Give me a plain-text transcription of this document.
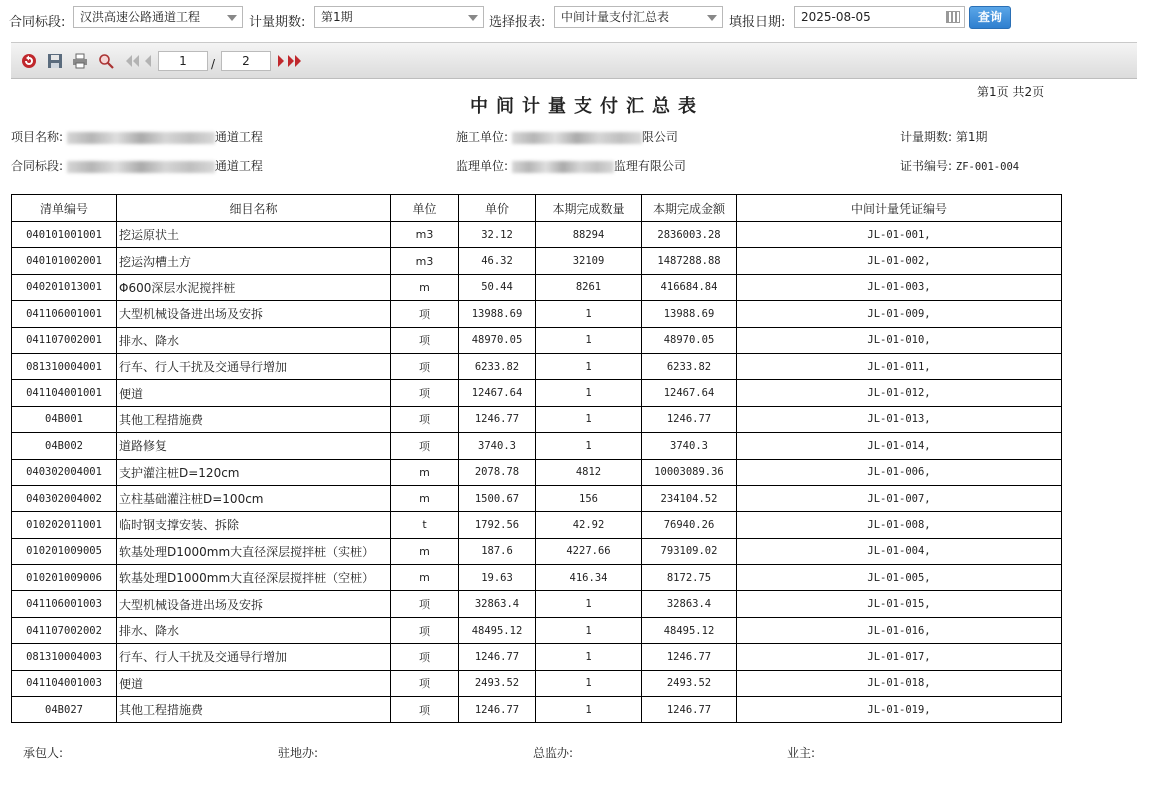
合同标段:	汉洪高速公路通道工程	计量期数:	第1期	选择报表:	中间计量支付汇总表	填报日期:	2025-08-05	查询
1	/	2
第1页 共2页
中间计量支付汇总表
项目名称:	通道工程	施工单位:	限公司	计量期数: 第1期
合同标段:	通道工程	监理单位:	监理有限公司	证书编号: ZF-001-004
清单编号	细目名称	单位	单价	本期完成数量	本期完成金额	中间计量凭证编号
040101001001	挖运原状土	m3	32.12	88294	2836003.28	JL-01-001,
040101002001	挖运沟槽土方	m3	46.32	32109	1487288.88	JL-01-002,
040201013001	Φ600深层水泥搅拌桩	m	50.44	8261	416684.84	JL-01-003,
041106001001	大型机械设备进出场及安拆	项	13988.69	1	13988.69	JL-01-009,
041107002001	排水、降水	项	48970.05	1	48970.05	JL-01-010,
081310004001	行车、行人干扰及交通导行增加	项	6233.82	1	6233.82	JL-01-011,
041104001001	便道	项	12467.64	1	12467.64	JL-01-012,
04B001	其他工程措施费	项	1246.77	1	1246.77	JL-01-013,
04B002	道路修复	项	3740.3	1	3740.3	JL-01-014,
040302004001	支护灌注桩D=120cm	m	2078.78	4812	10003089.36	JL-01-006,
040302004002	立柱基础灌注桩D=100cm	m	1500.67	156	234104.52	JL-01-007,
010202011001	临时钢支撑安装、拆除	t	1792.56	42.92	76940.26	JL-01-008,
010201009005	软基处理D1000mm大直径深层搅拌桩（实桩）	m	187.6	4227.66	793109.02	JL-01-004,
010201009006	软基处理D1000mm大直径深层搅拌桩（空桩）	m	19.63	416.34	8172.75	JL-01-005,
041106001003	大型机械设备进出场及安拆	项	32863.4	1	32863.4	JL-01-015,
041107002002	排水、降水	项	48495.12	1	48495.12	JL-01-016,
081310004003	行车、行人干扰及交通导行增加	项	1246.77	1	1246.77	JL-01-017,
041104001003	便道	项	2493.52	1	2493.52	JL-01-018,
04B027	其他工程措施费	项	1246.77	1	1246.77	JL-01-019,
承包人:	驻地办:	总监办:	业主:
